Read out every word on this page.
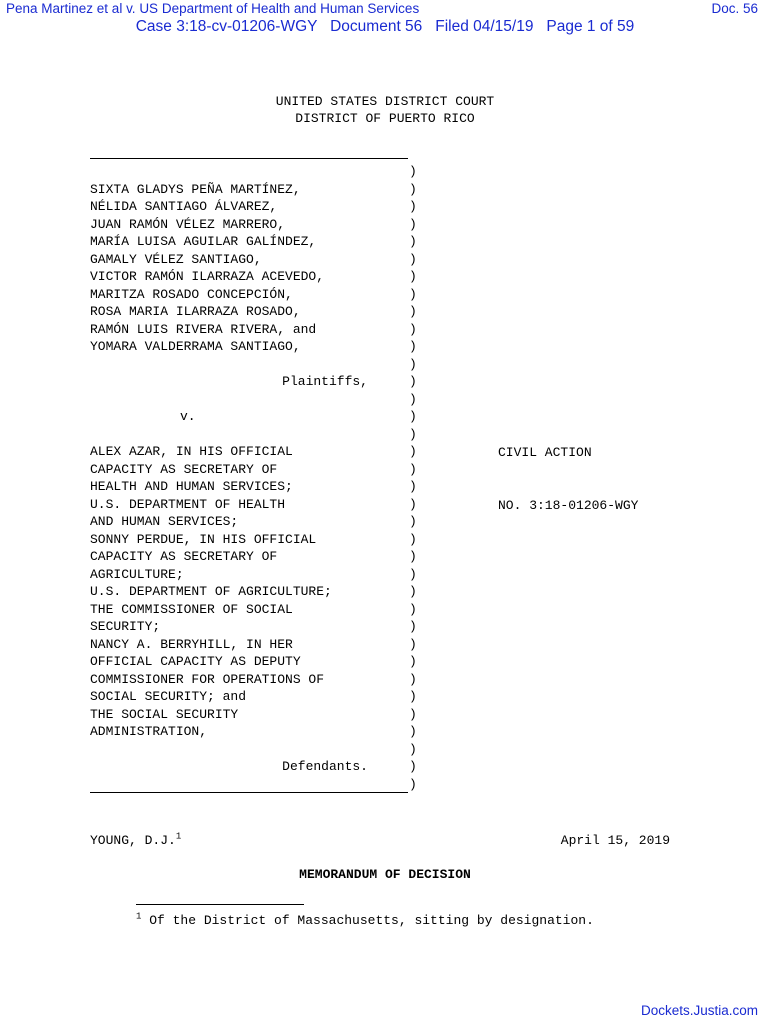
Pena Martinez et al v. US Department of Health and Human Services	Doc. 56
Case 3:18-cv-01206-WGY   Document 56   Filed 04/15/19   Page 1 of 59
UNITED STATES DISTRICT COURT
DISTRICT OF PUERTO RICO
SIXTA GLADYS PEÑA MARTÍNEZ,
NÉLIDA SANTIAGO ÁLVAREZ,
JUAN RAMÓN VÉLEZ MARRERO,
MARÍA LUISA AGUILAR GALÍNDEZ,
GAMALY VÉLEZ SANTIAGO,
VICTOR RAMÓN ILARRAZA ACEVEDO,
MARITZA ROSADO CONCEPCIÓN,
ROSA MARIA ILARRAZA ROSADO,
RAMÓN LUIS RIVERA RIVERA, and
YOMARA VALDERRAMA SANTIAGO,
Plaintiffs,
v.
ALEX AZAR, IN HIS OFFICIAL
CAPACITY AS SECRETARY OF
HEALTH AND HUMAN SERVICES;
U.S. DEPARTMENT OF HEALTH
AND HUMAN SERVICES;
SONNY PERDUE, IN HIS OFFICIAL
CAPACITY AS SECRETARY OF
AGRICULTURE;
U.S. DEPARTMENT OF AGRICULTURE;
THE COMMISSIONER OF SOCIAL
SECURITY;
NANCY A. BERRYHILL, IN HER
OFFICIAL CAPACITY AS DEPUTY
COMMISSIONER FOR OPERATIONS OF
SOCIAL SECURITY; and
THE SOCIAL SECURITY
ADMINISTRATION,
Defendants.
)
)
)
)
)
)
)
)
)
)
)
)
)
)
)
)
)
)
)
)
)
)
)
)
)
)
)
)
)
)
)
)
)
)
)
)

CIVIL ACTION

NO. 3:18-01206-WGY

YOUNG, D.J.$^1$	April 15, 2019
MEMORANDUM OF DECISION
$^1$ Of the District of Massachusetts, sitting by designation.
Dockets.Justia.com
